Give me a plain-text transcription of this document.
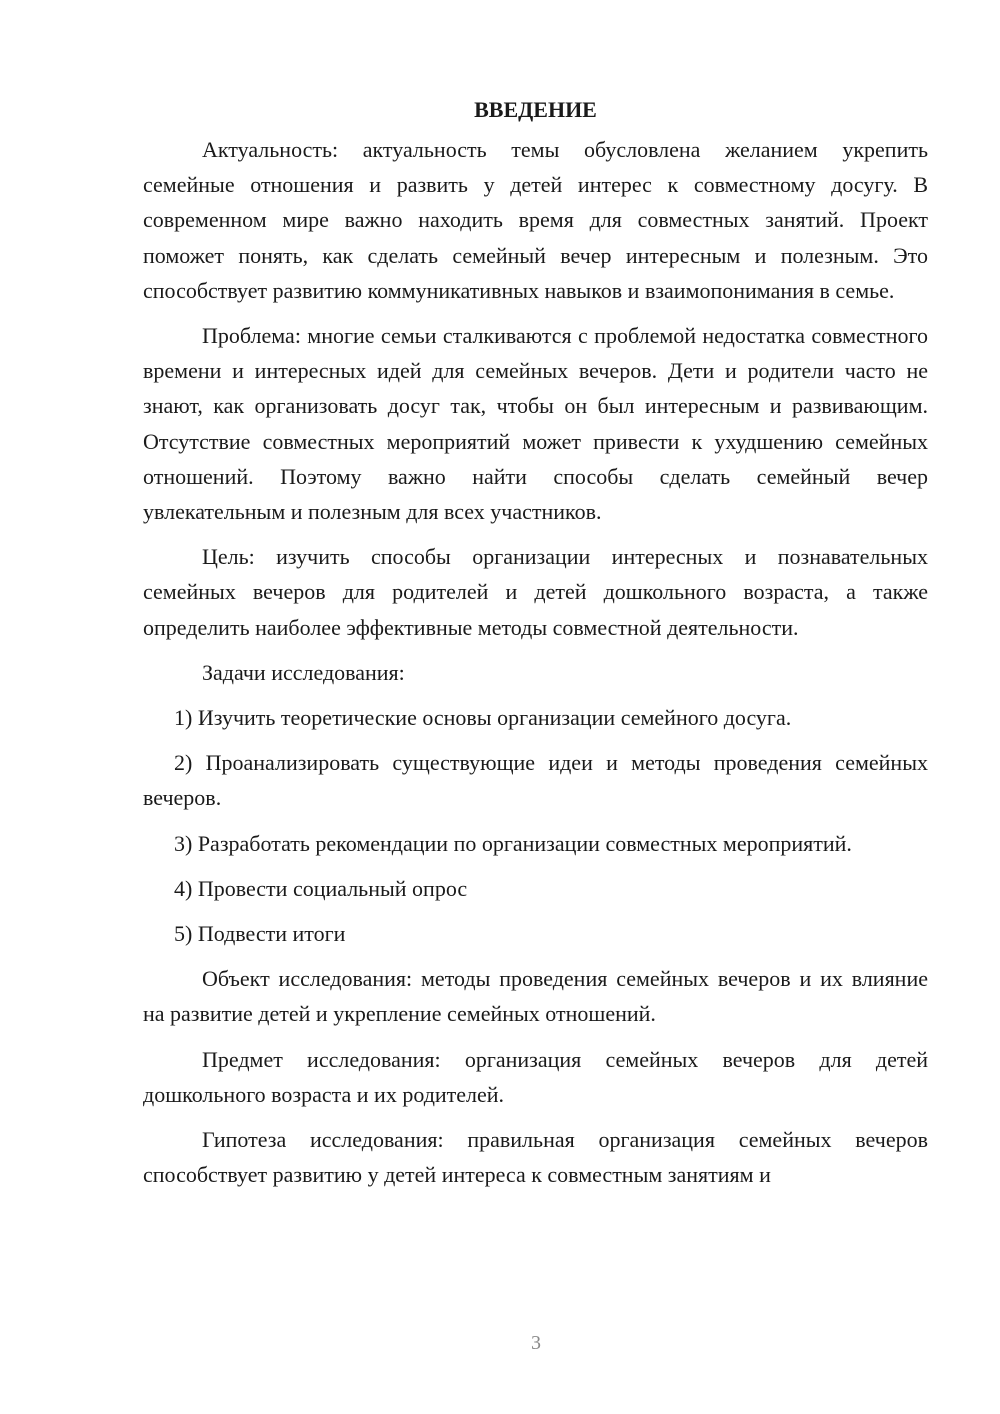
ВВЕДЕНИЕ

Актуальность: актуальность темы обусловлена желанием укрепить семейные отношения и развить у детей интерес к совместному досугу. В современном мире важно находить время для совместных занятий. Проект поможет понять, как сделать семейный вечер интересным и полезным. Это способствует развитию коммуникативных навыков и взаимопонимания в семье.

Проблема: многие семьи сталкиваются с проблемой недостатка совместного времени и интересных идей для семейных вечеров. Дети и родители часто не знают, как организовать досуг так, чтобы он был интересным и развивающим. Отсутствие совместных мероприятий может привести к ухудшению семейных отношений. Поэтому важно найти способы сделать семейный вечер увлекательным и полезным для всех участников.

Цель: изучить способы организации интересных и познавательных семейных вечеров для родителей и детей дошкольного возраста, а также определить наиболее эффективные методы совместной деятельности.

Задачи исследования:

1) Изучить теоретические основы организации семейного досуга.

2) Проанализировать существующие идеи и методы проведения семейных вечеров.

3) Разработать рекомендации по организации совместных мероприятий.

4) Провести социальный опрос

5) Подвести итоги

Объект исследования: методы проведения семейных вечеров и их влияние на развитие детей и укрепление семейных отношений.

Предмет исследования: организация семейных вечеров для детей дошкольного возраста и их родителей.

Гипотеза исследования: правильная организация семейных вечеров способствует развитию у детей интереса к совместным занятиям и

3
